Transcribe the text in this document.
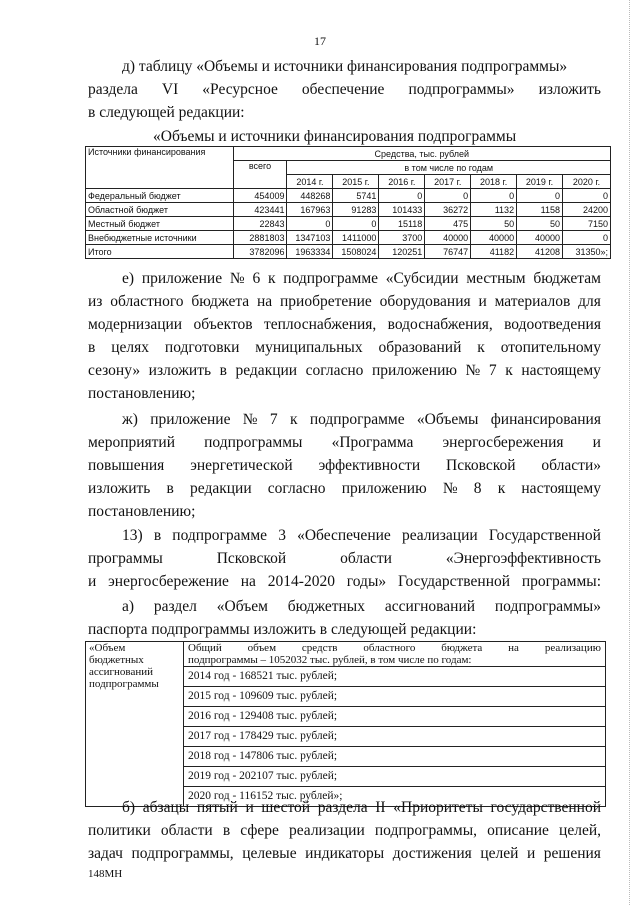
17
д) таблицу «Объемы и источники финансирования подпрограммы»
раздела VI «Ресурсное обеспечение подпрограммы» изложить
в следующей редакции:
«Объемы и источники финансирования подпрограммы
Источники финансирования	Средства, тыс. рублей							
	всего	в том числе по годам						
		2014 г.	2015 г.	2016 г.	2017 г.	2018 г.	2019 г.	2020 г.
Федеральный бюджет	454009	448268	5741	0	0	0	0	0
Областной бюджет	423441	167963	91283	101433	36272	1132	1158	24200
Местный бюджет	22843	0	0	15118	475	50	50	7150
Внебюджетные источники	2881803	1347103	1411000	3700	40000	40000	40000	0
Итого	3782096	1963334	1508024	120251	76747	41182	41208	31350»;
е) приложение № 6 к подпрограмме «Субсидии местным бюджетам
из областного бюджета на приобретение оборудования и материалов для
модернизации объектов теплоснабжения, водоснабжения, водоотведения
в целях подготовки муниципальных образований к отопительному
сезону» изложить в редакции согласно приложению № 7 к настоящему
постановлению;
ж) приложение № 7 к подпрограмме «Объемы финансирования
мероприятий подпрограммы «Программа энергосбережения и
повышения энергетической эффективности Псковской области»
изложить в редакции согласно приложению № 8 к настоящему
постановлению;
13) в подпрограмме 3 «Обеспечение реализации Государственной
программы	Псковской	области	«Энергоэффективность
и энергосбережение на 2014-2020 годы» Государственной программы:
а) раздел «Объем бюджетных ассигнований подпрограммы»
паспорта подпрограммы изложить в следующей редакции:
«Объем
бюджетных
ассигнований
подпрограммы

Общий объем средств областного бюджета на реализацию
подпрограммы – 1052032 тыс. рублей, в том числе по годам:
2014 год - 168521 тыс. рублей;
2015 год - 109609 тыс. рублей;
2016 год - 129408 тыс. рублей;
2017 год - 178429 тыс. рублей;
2018 год - 147806 тыс. рублей;
2019 год - 202107 тыс. рублей;
2020 год - 116152 тыс. рублей»;
б) абзацы пятый и шестой раздела II «Приоритеты государственной
политики области в сфере реализации подпрограммы, описание целей,
задач подпрограммы, целевые индикаторы достижения целей и решения
148МН
